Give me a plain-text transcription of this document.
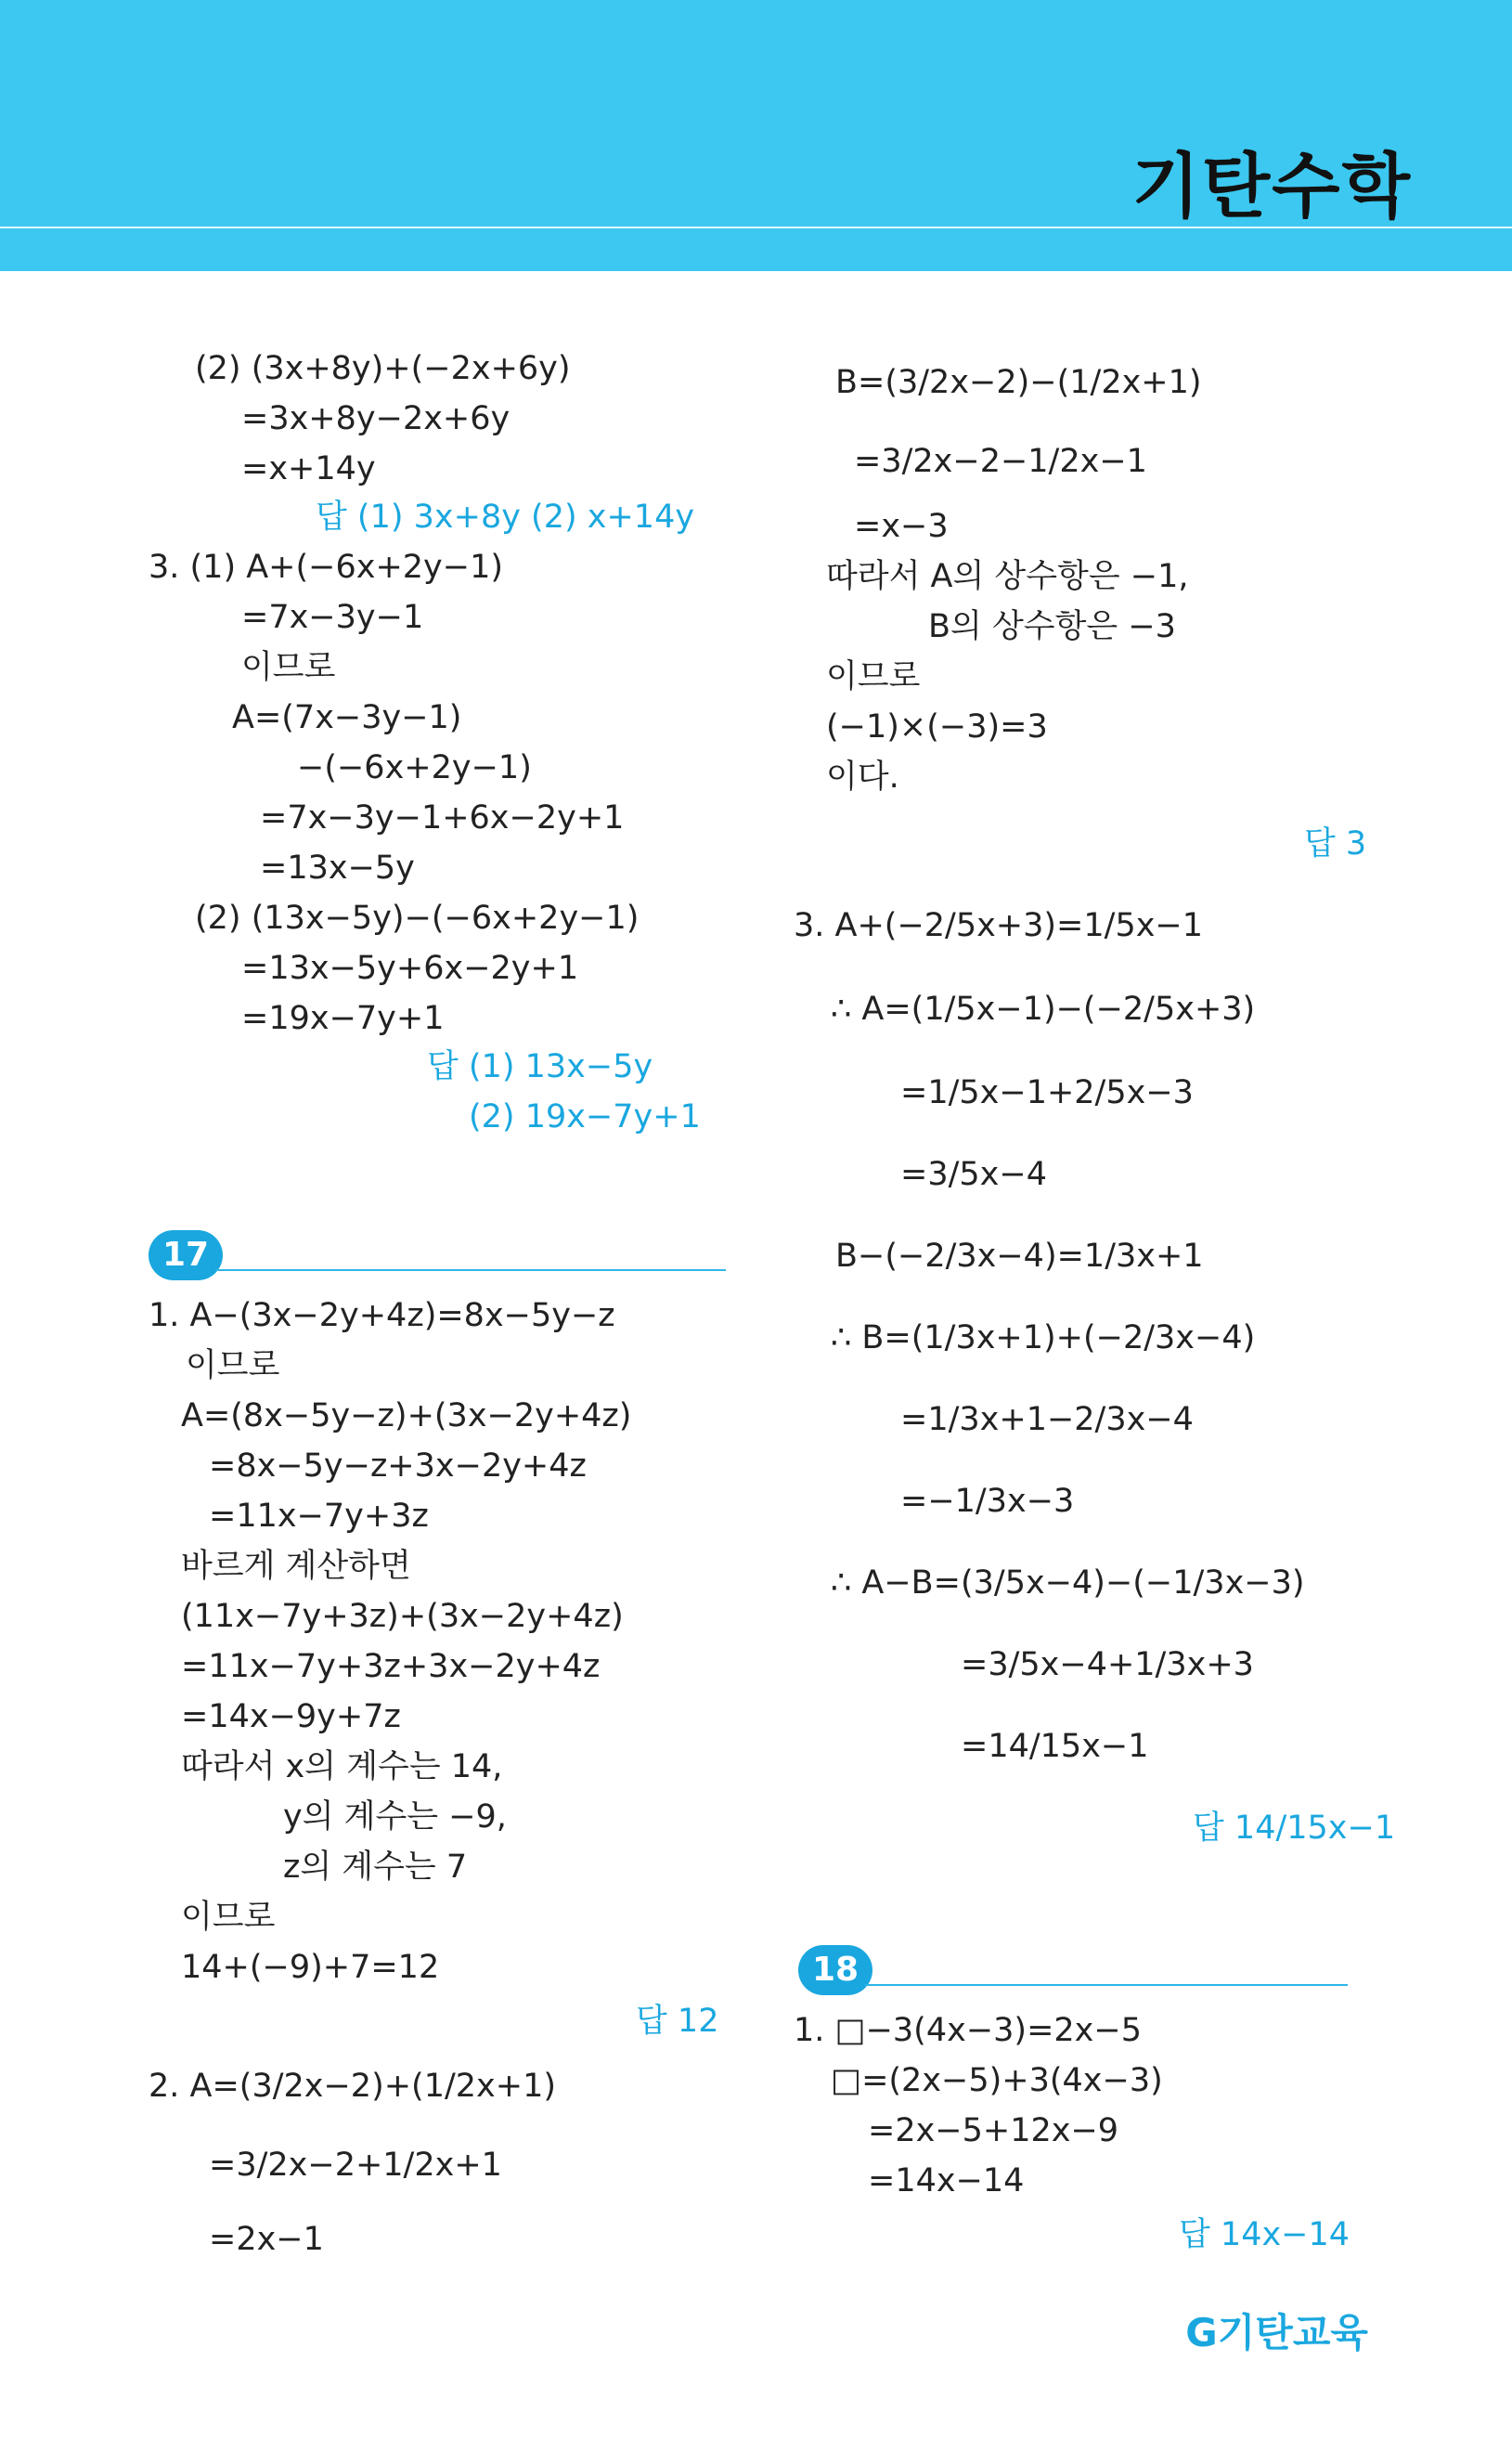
기탄수학
(2) (3x+8y)+(−2x+6y)
=3x+8y−2x+6y
=x+14y
답 (1) 3x+8y (2) x+14y
3. (1) A+(−6x+2y−1)
=7x−3y−1
이므로
A=(7x−3y−1)
−(−6x+2y−1)
=7x−3y−1+6x−2y+1
=13x−5y
(2) (13x−5y)−(−6x+2y−1)
=13x−5y+6x−2y+1
=19x−7y+1
답 (1) 13x−5y
(2) 19x−7y+1
17
1. A−(3x−2y+4z)=8x−5y−z
이므로
A=(8x−5y−z)+(3x−2y+4z)
=8x−5y−z+3x−2y+4z
=11x−7y+3z
바르게 계산하면
(11x−7y+3z)+(3x−2y+4z)
=11x−7y+3z+3x−2y+4z
=14x−9y+7z
따라서 x의 계수는 14,
y의 계수는 −9,
z의 계수는 7
이므로
14+(−9)+7=12
답 12
2. A=(3/2x−2)+(1/2x+1)
=3/2x−2+1/2x+1
=2x−1
B=(3/2x−2)−(1/2x+1)
=3/2x−2−1/2x−1
=x−3
따라서 A의 상수항은 −1,
B의 상수항은 −3
이므로
(−1)×(−3)=3
이다.
답 3
3. A+(−2/5x+3)=1/5x−1
∴ A=(1/5x−1)−(−2/5x+3)
=1/5x−1+2/5x−3
=3/5x−4
B−(−2/3x−4)=1/3x+1
∴ B=(1/3x+1)+(−2/3x−4)
=1/3x+1−2/3x−4
=−1/3x−3
∴ A−B=(3/5x−4)−(−1/3x−3)
=3/5x−4+1/3x+3
=14/15x−1
답 14/15x−1
18
1. □−3(4x−3)=2x−5
□=(2x−5)+3(4x−3)
=2x−5+12x−9
=14x−14
답 14x−14
G기탄교육
